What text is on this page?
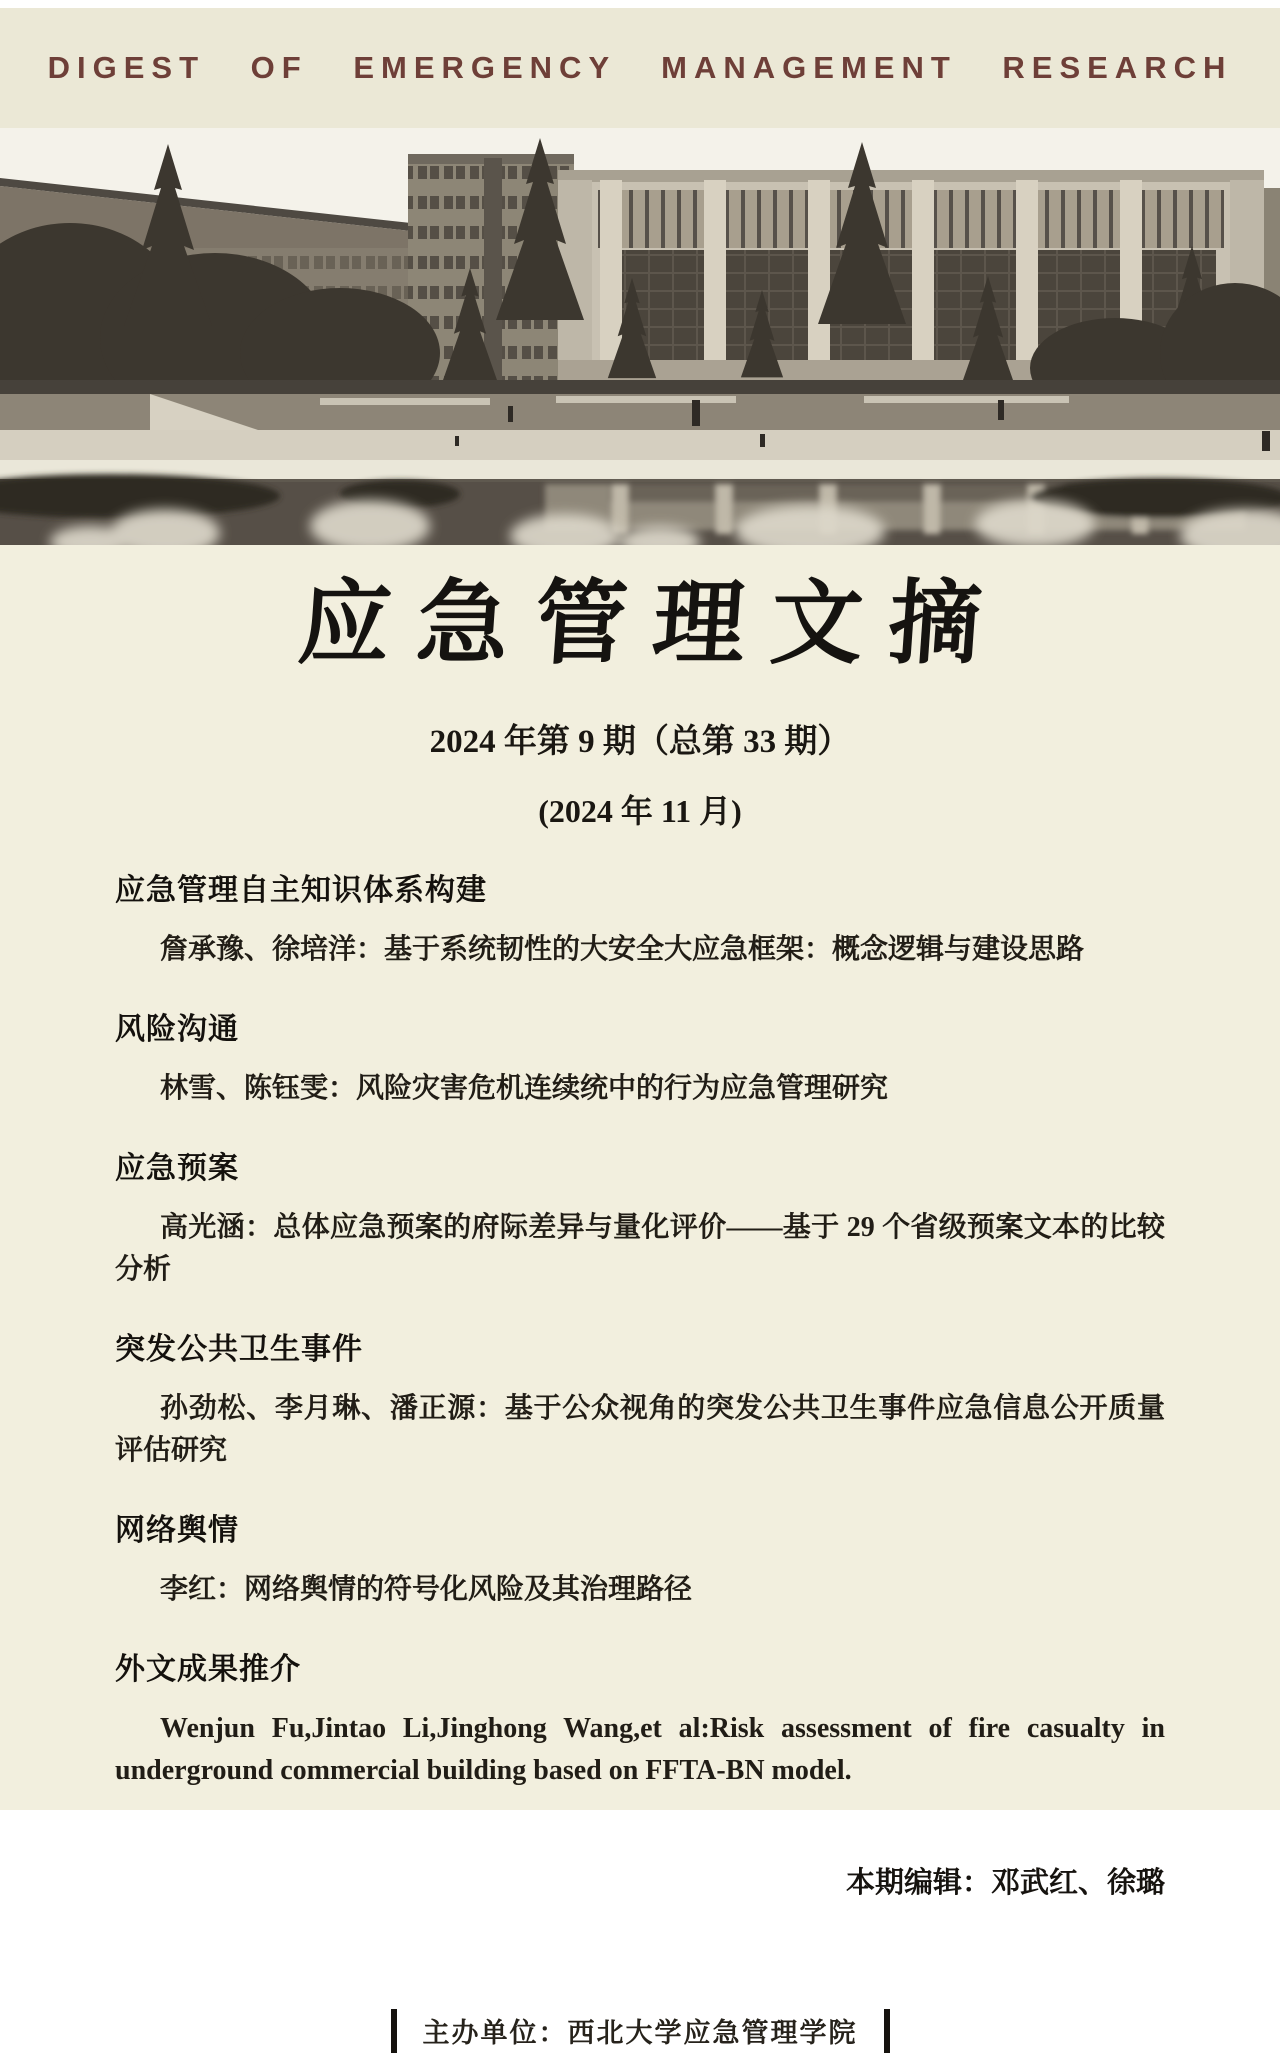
DIGEST OF EMERGENCY MANAGEMENT RESEARCH
应急管理文摘
2024 年第 9 期（总第 33 期）
(2024 年 11 月)
应急管理自主知识体系构建
詹承豫、徐培洋：基于系统韧性的大安全大应急框架：概念逻辑与建设思路
风险沟通
林雪、陈钰雯：风险灾害危机连续统中的行为应急管理研究
应急预案
高光涵：总体应急预案的府际差异与量化评价——基于 29 个省级预案文本的比较分析
突发公共卫生事件
孙劲松、李月琳、潘正源：基于公众视角的突发公共卫生事件应急信息公开质量评估研究
网络舆情
李红：网络舆情的符号化风险及其治理路径
外文成果推介
Wenjun Fu,Jintao Li,Jinghong Wang,et al:Risk assessment of fire casualty in underground commercial building based on FFTA-BN model.
本期编辑：邓武红、徐璐
主办单位：西北大学应急管理学院
